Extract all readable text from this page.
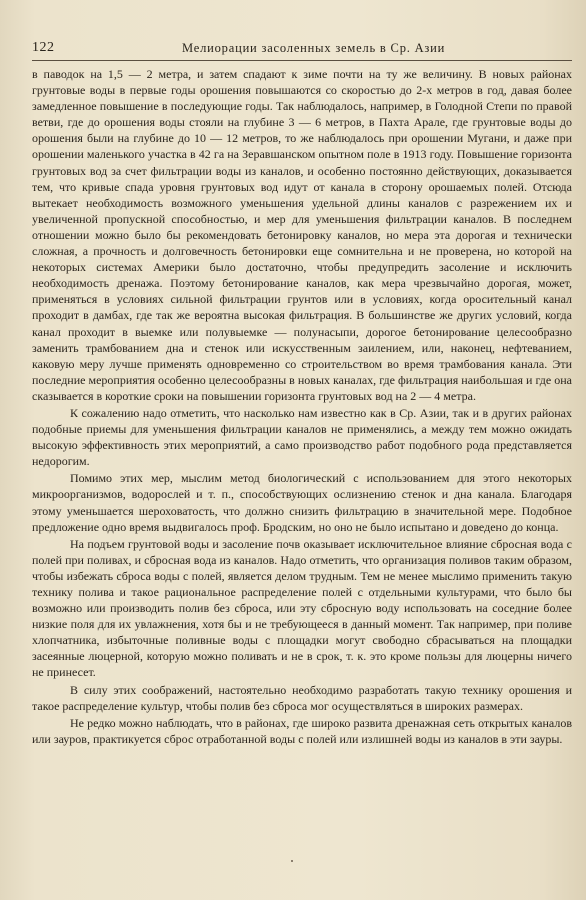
122	Мелиорации засоленных земель в Ср. Азии

в паводок на 1,5 — 2 метра, и затем спадают к зиме почти на ту же величину. В новых районах грунтовые воды в первые годы орошения повышаются со скоростью до 2-х метров в год, давая более замедленное повышение в последующие годы. Так наблюдалось, например, в Голодной Степи по правой ветви, где до орошения воды стояли на глубине 3 — 6 метров, в Пахта Арале, где грунтовые воды до орошения были на глубине до 10 — 12 метров, то же наблюдалось при орошении Мугани, и даже при орошении маленького участка в 42 га на Зеравшанском опытном поле в 1913 году. Повышение горизонта грунтовых вод за счет фильтрации воды из каналов, и особенно постоянно действующих, доказывается тем, что кривые спада уровня грунтовых вод идут от канала в сторону орошаемых полей. Отсюда вытекает необходимость возможного уменьшения удельной длины каналов с разрежением их и увеличенной пропускной способностью, и мер для уменьшения фильтрации каналов. В последнем отношении можно было бы рекомендовать бетонировку каналов, но мера эта дорогая и технически сложная, а прочность и долговечность бетонировки еще сомнительна и не проверена, но которой на некоторых системах Америки было достаточно, чтобы предупредить засоление и исключить необходимость дренажа. Поэтому бетонирование каналов, как мера чрезвычайно дорогая, может, применяться в условиях сильной фильтрации грунтов или в условиях, когда оросительный канал проходит в дамбах, где так же вероятна высокая фильтрация. В большинстве же других условий, когда канал проходит в выемке или полувыемке — полунасыпи, дорогое бетонирование целесообразно заменить трамбованием дна и стенок или искусственным заилением, или, наконец, нефтеванием, каковую меру лучше применять одновременно со строительством во время трамбования канала. Эти последние мероприятия особенно целесообразны в новых каналах, где фильтрация наибольшая и где она сказывается в короткие сроки на повышении горизонта грунтовых вод на 2 — 4 метра.

К сожалению надо отметить, что насколько нам известно как в Ср. Азии, так и в других районах подобные приемы для уменьшения фильтрации каналов не применялись, а между тем можно ожидать высокую эффективность этих мероприятий, а само производство работ подобного рода представляется недорогим.

Помимо этих мер, мыслим метод биологический с использованием для этого некоторых микроорганизмов, водорослей и т. п., способствующих ослизнению стенок и дна канала. Благодаря этому уменьшается шероховатость, что должно снизить фильтрацию в значительной мере. Подобное предложение одно время выдвигалось проф. Бродским, но оно не было испытано и доведено до конца.

На подъем грунтовой воды и засоление почв оказывает исключительное влияние сбросная вода с полей при поливах, и сбросная вода из каналов. Надо отметить, что организация поливов таким образом, чтобы избежать сброса воды с полей, является делом трудным. Тем не менее мыслимо применить такую технику полива и такое рациональное распределение полей с отдельными культурами, что было бы возможно или производить полив без сброса, или эту сбросную воду использовать на соседние более низкие поля для их увлажнения, хотя бы и не требующееся в данный момент. Так например, при поливе хлопчатника, избыточные поливные воды с площадки могут свободно сбрасываться на площадки засеянные люцерной, которую можно поливать и не в срок, т. к. это кроме пользы для люцерны ничего не принесет.

В силу этих соображений, настоятельно необходимо разработать такую технику орошения и такое распределение культур, чтобы полив без сброса мог осуществляться в широких размерах.

Не редко можно наблюдать, что в районах, где широко развита дренажная сеть открытых каналов или зауров, практикуется сброс отработанной воды с полей или излишней воды из каналов в эти зауры.
